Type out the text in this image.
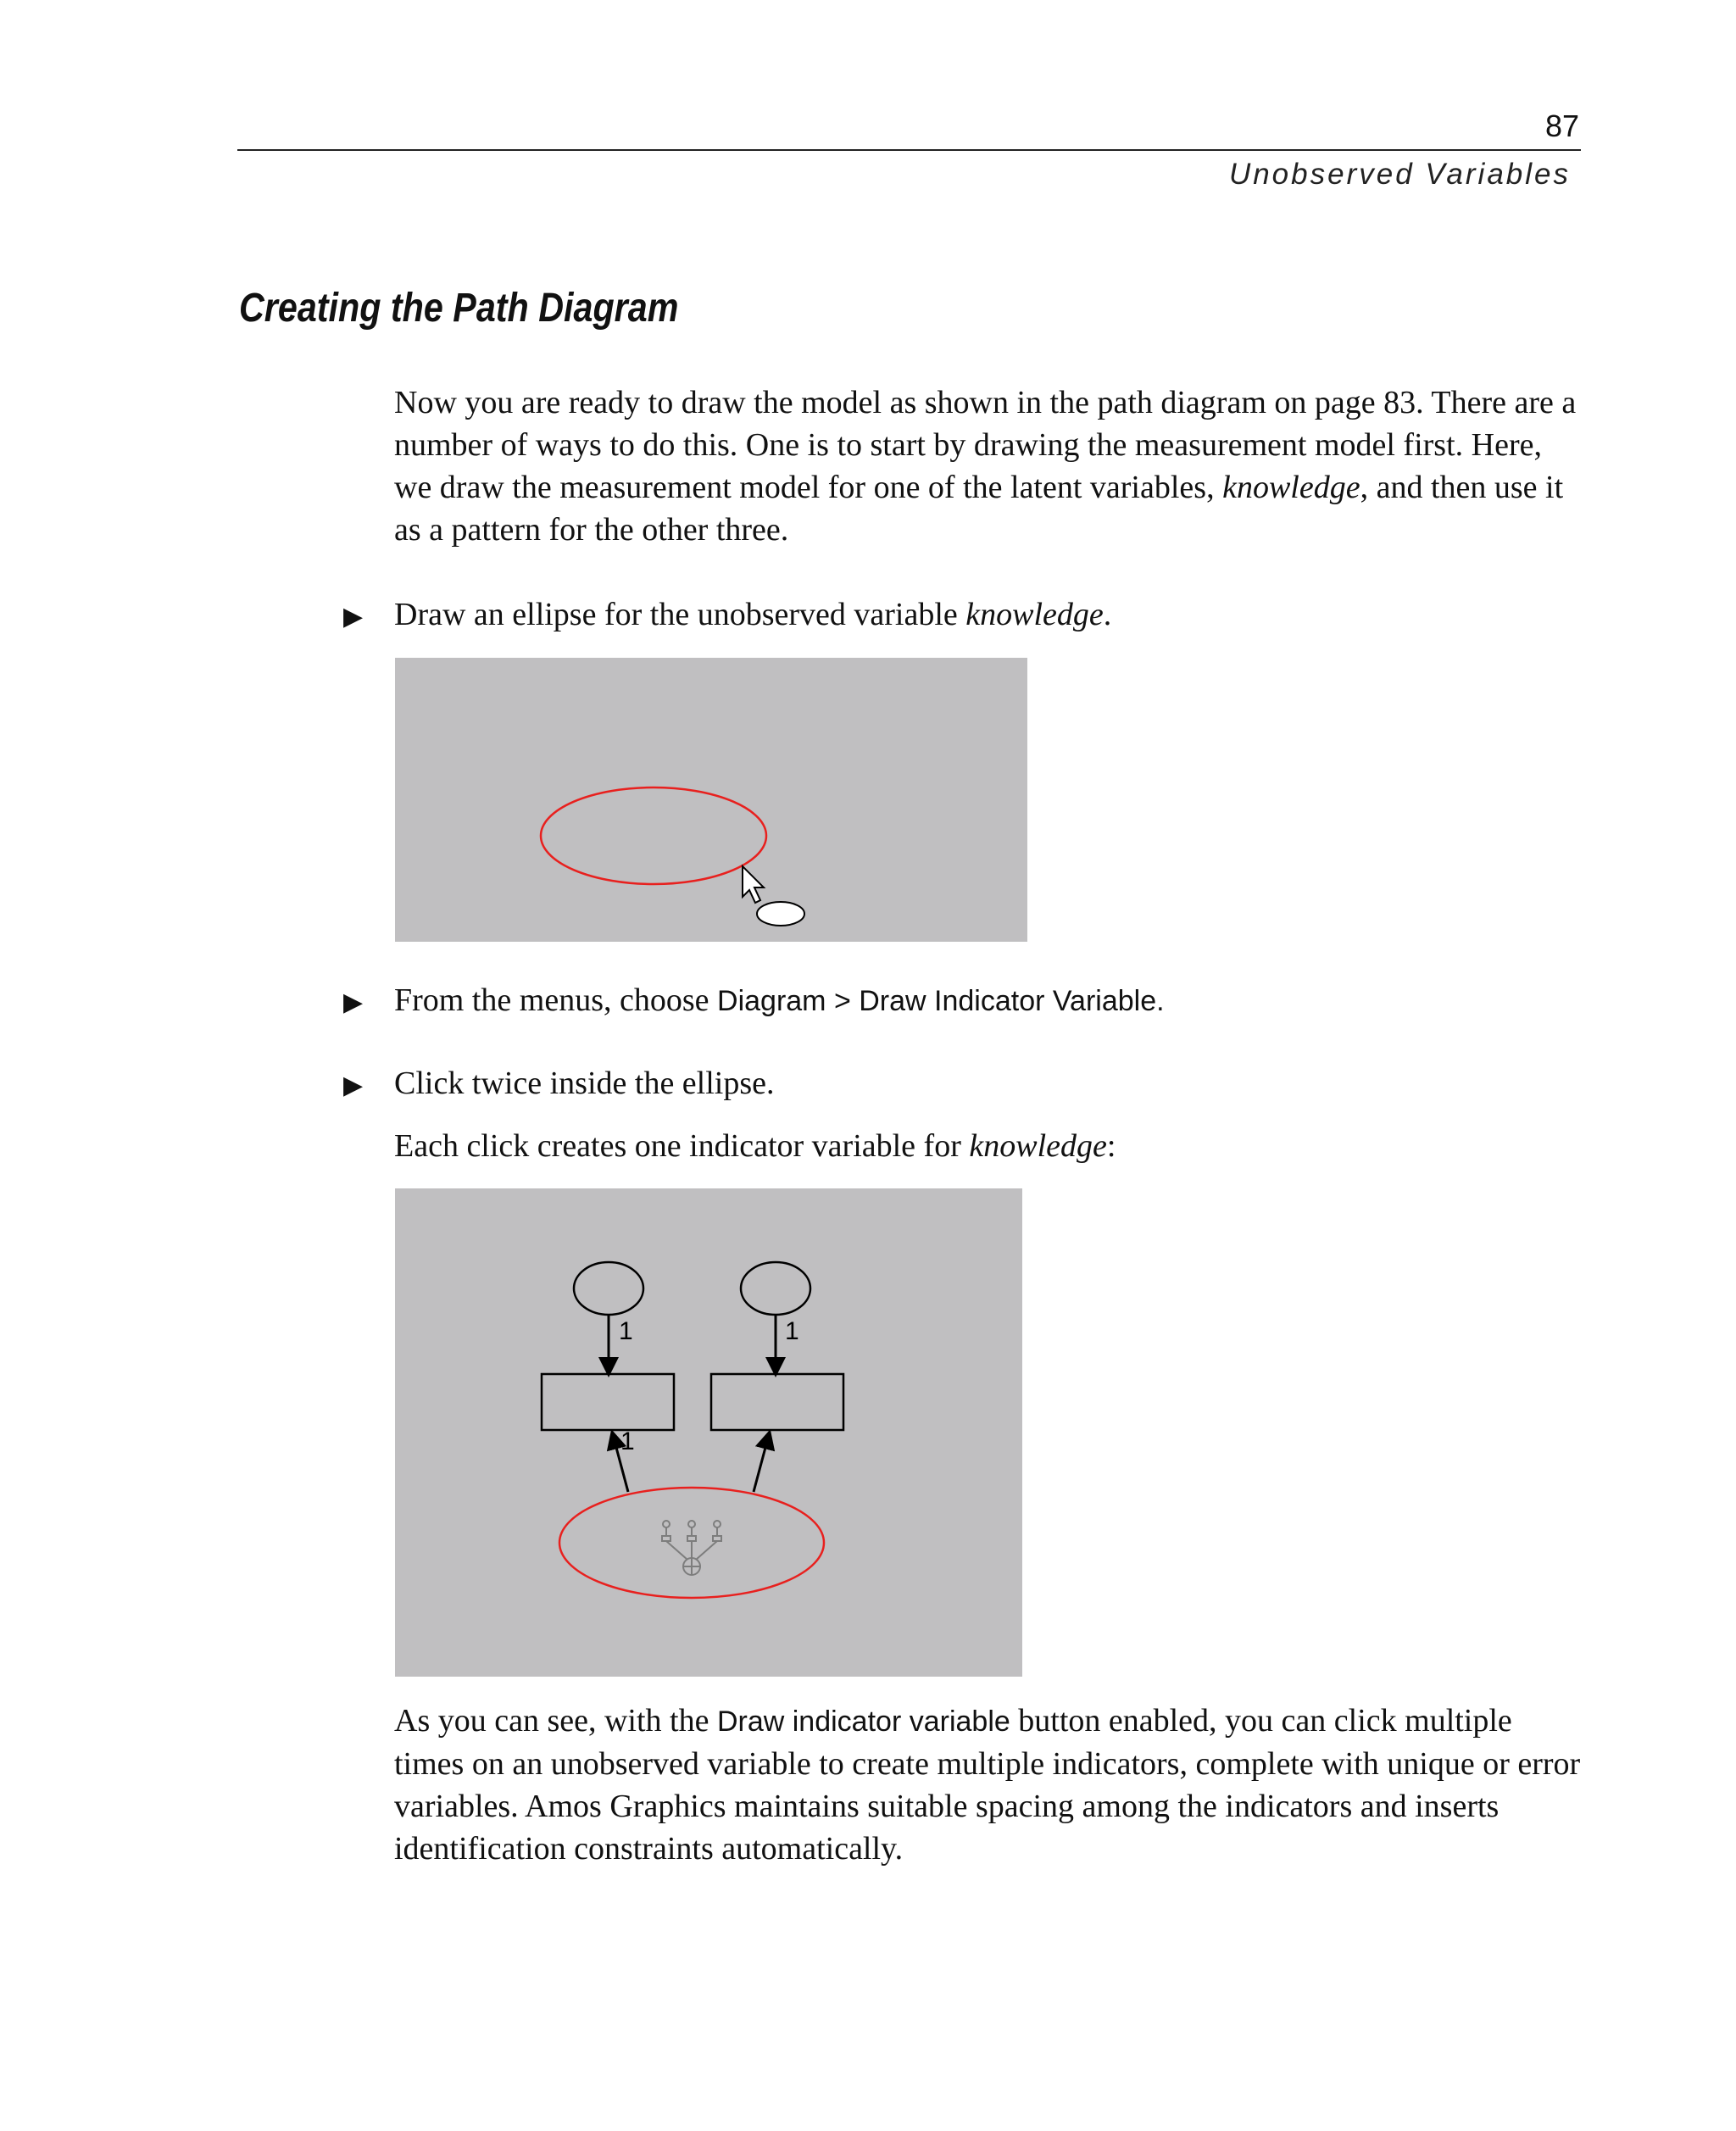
87
Unobserved Variables
Creating the Path Diagram

Now you are ready to draw the model as shown in the path diagram on page 83. There are a number of ways to do this. One is to start by drawing the measurement model first. Here, we draw the measurement model for one of the latent variables, knowledge, and then use it as a pattern for the other three.

▶ Draw an ellipse for the unobserved variable knowledge.

▶ From the menus, choose Diagram > Draw Indicator Variable.

▶ Click twice inside the ellipse.

Each click creates one indicator variable for knowledge:

1	1
1

As you can see, with the Draw indicator variable button enabled, you can click multiple times on an unobserved variable to create multiple indicators, complete with unique or error variables. Amos Graphics maintains suitable spacing among the indicators and inserts identification constraints automatically.
